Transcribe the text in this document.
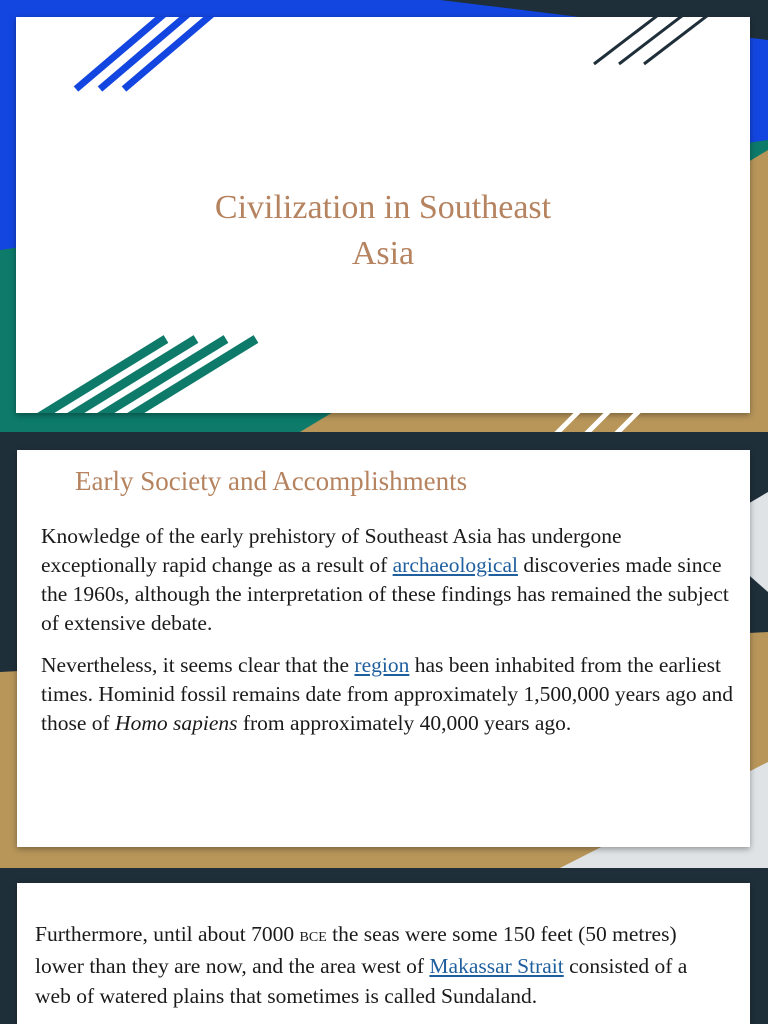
Civilization in Southeast
Asia
Early Society and Accomplishments

Knowledge of the early prehistory of Southeast Asia has undergone exceptionally rapid change as a result of archaeological discoveries made since the 1960s, although the interpretation of these findings has remained the subject of extensive debate.

Nevertheless, it seems clear that the region has been inhabited from the earliest times. Hominid fossil remains date from approximately 1,500,000 years ago and those of Homo sapiens from approximately 40,000 years ago.

Furthermore, until about 7000 bce the seas were some 150 feet (50 metres) lower than they are now, and the area west of Makassar Strait consisted of a web of watered plains that sometimes is called Sundaland.
